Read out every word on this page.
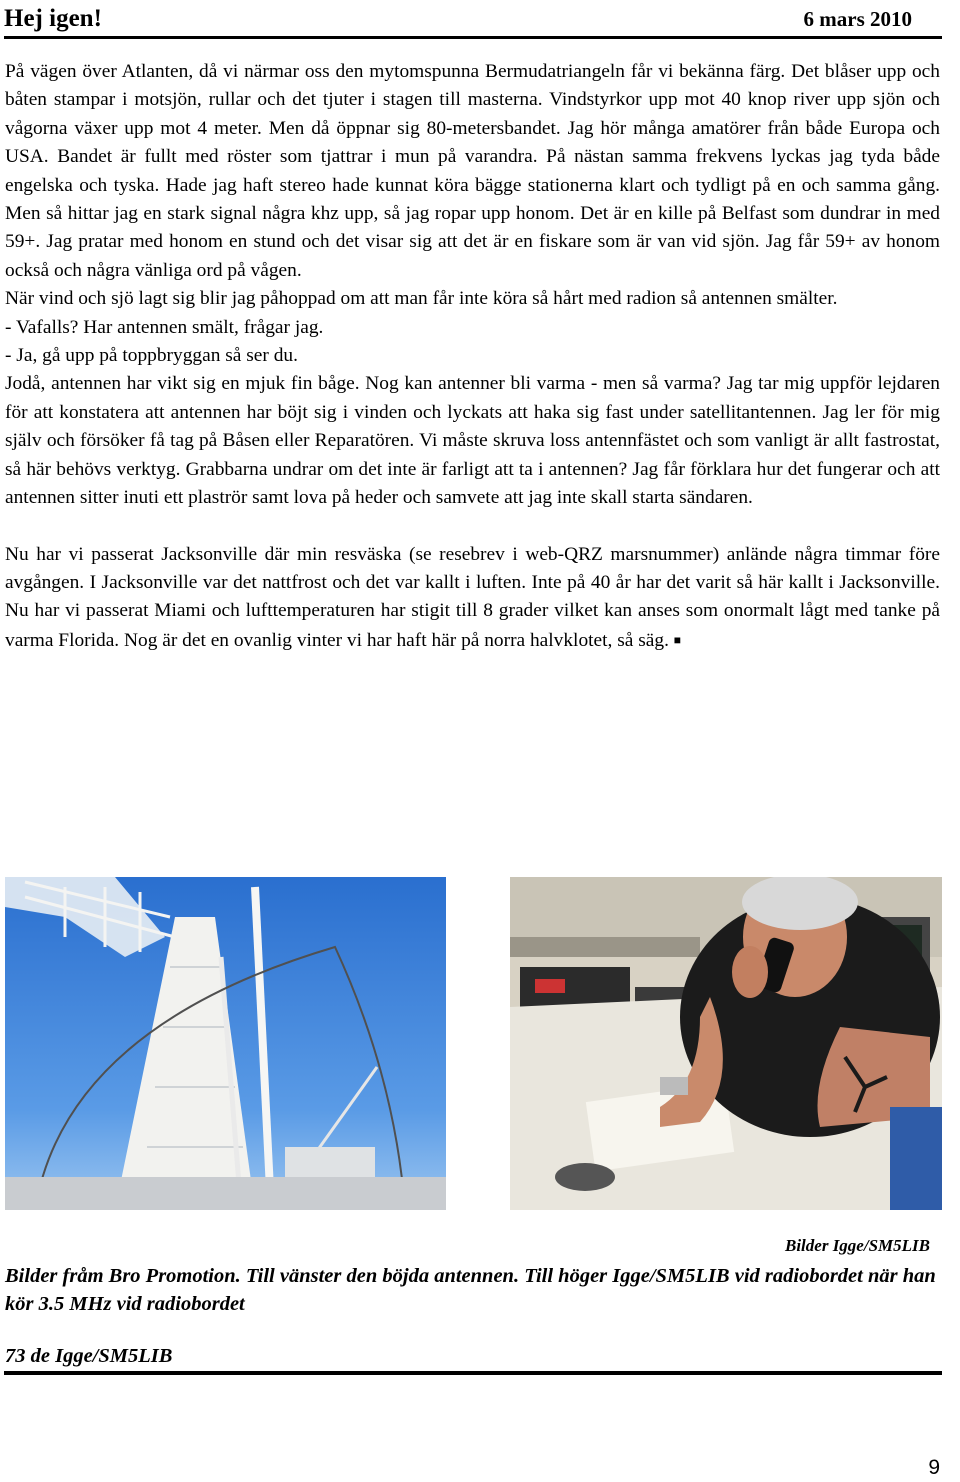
Hej igen!	6 mars 2010

På vägen över Atlanten, då vi närmar oss den mytomspunna Bermudatriangeln får vi bekänna färg. Det blåser upp och båten stampar i motsjön, rullar och det tjuter i stagen till masterna. Vindstyrkor upp mot 40 knop river upp sjön och vågorna växer upp mot 4 meter. Men då öppnar sig 80-metersbandet. Jag hör många amatörer från både Europa och USA. Bandet är fullt med röster som tjattrar i mun på varandra. På nästan samma frekvens lyckas jag tyda både engelska och tyska. Hade jag haft stereo hade kunnat köra bägge stationerna klart och tydligt på en och samma gång. Men så hittar jag en stark signal några khz upp, så jag ropar upp honom. Det är en kille på Belfast som dundrar in med 59+. Jag pratar med honom en stund och det visar sig att det är en fiskare som är van vid sjön. Jag får 59+ av honom också och några vänliga ord på vågen.

När vind och sjö lagt sig blir jag påhoppad om att man får inte köra så hårt med radion så antennen smälter.

- Vafalls? Har antennen smält, frågar jag.

- Ja, gå upp på toppbryggan så ser du.

Jodå, antennen har vikt sig en mjuk fin båge. Nog kan antenner bli varma - men så varma? Jag tar mig uppför lejdaren för att konstatera att antennen har böjt sig i vinden och lyckats att haka sig fast under satellitantennen. Jag ler för mig själv och försöker få tag på Båsen eller Reparatören. Vi måste skruva loss antennfästet och som vanligt är allt fastrostat, så här behövs verktyg. Grabbarna undrar om det inte är farligt att ta i antennen? Jag får förklara hur det fungerar och att antennen sitter inuti ett plaströr samt lova på heder och samvete att jag inte skall starta sändaren.

Nu har vi passerat Jacksonville där min resväska (se resebrev i web-QRZ marsnummer) anlände några timmar före avgången. I Jacksonville var det nattfrost och det var kallt i luften. Inte på 40 år har det varit så här kallt i Jacksonville. Nu har vi passerat Miami och lufttemperaturen har stigit till 8 grader vilket kan anses som onormalt lågt med tanke på varma Florida. Nog är det en ovanlig vinter vi har haft här på norra halvklotet, så säg. ■

Bilder Igge/SM5LIB
Bilder fråm Bro Promotion. Till vänster den böjda antennen. Till höger Igge/SM5LIB vid radiobordet när han kör 3.5 MHz vid radiobordet
73 de Igge/SM5LIB
9
